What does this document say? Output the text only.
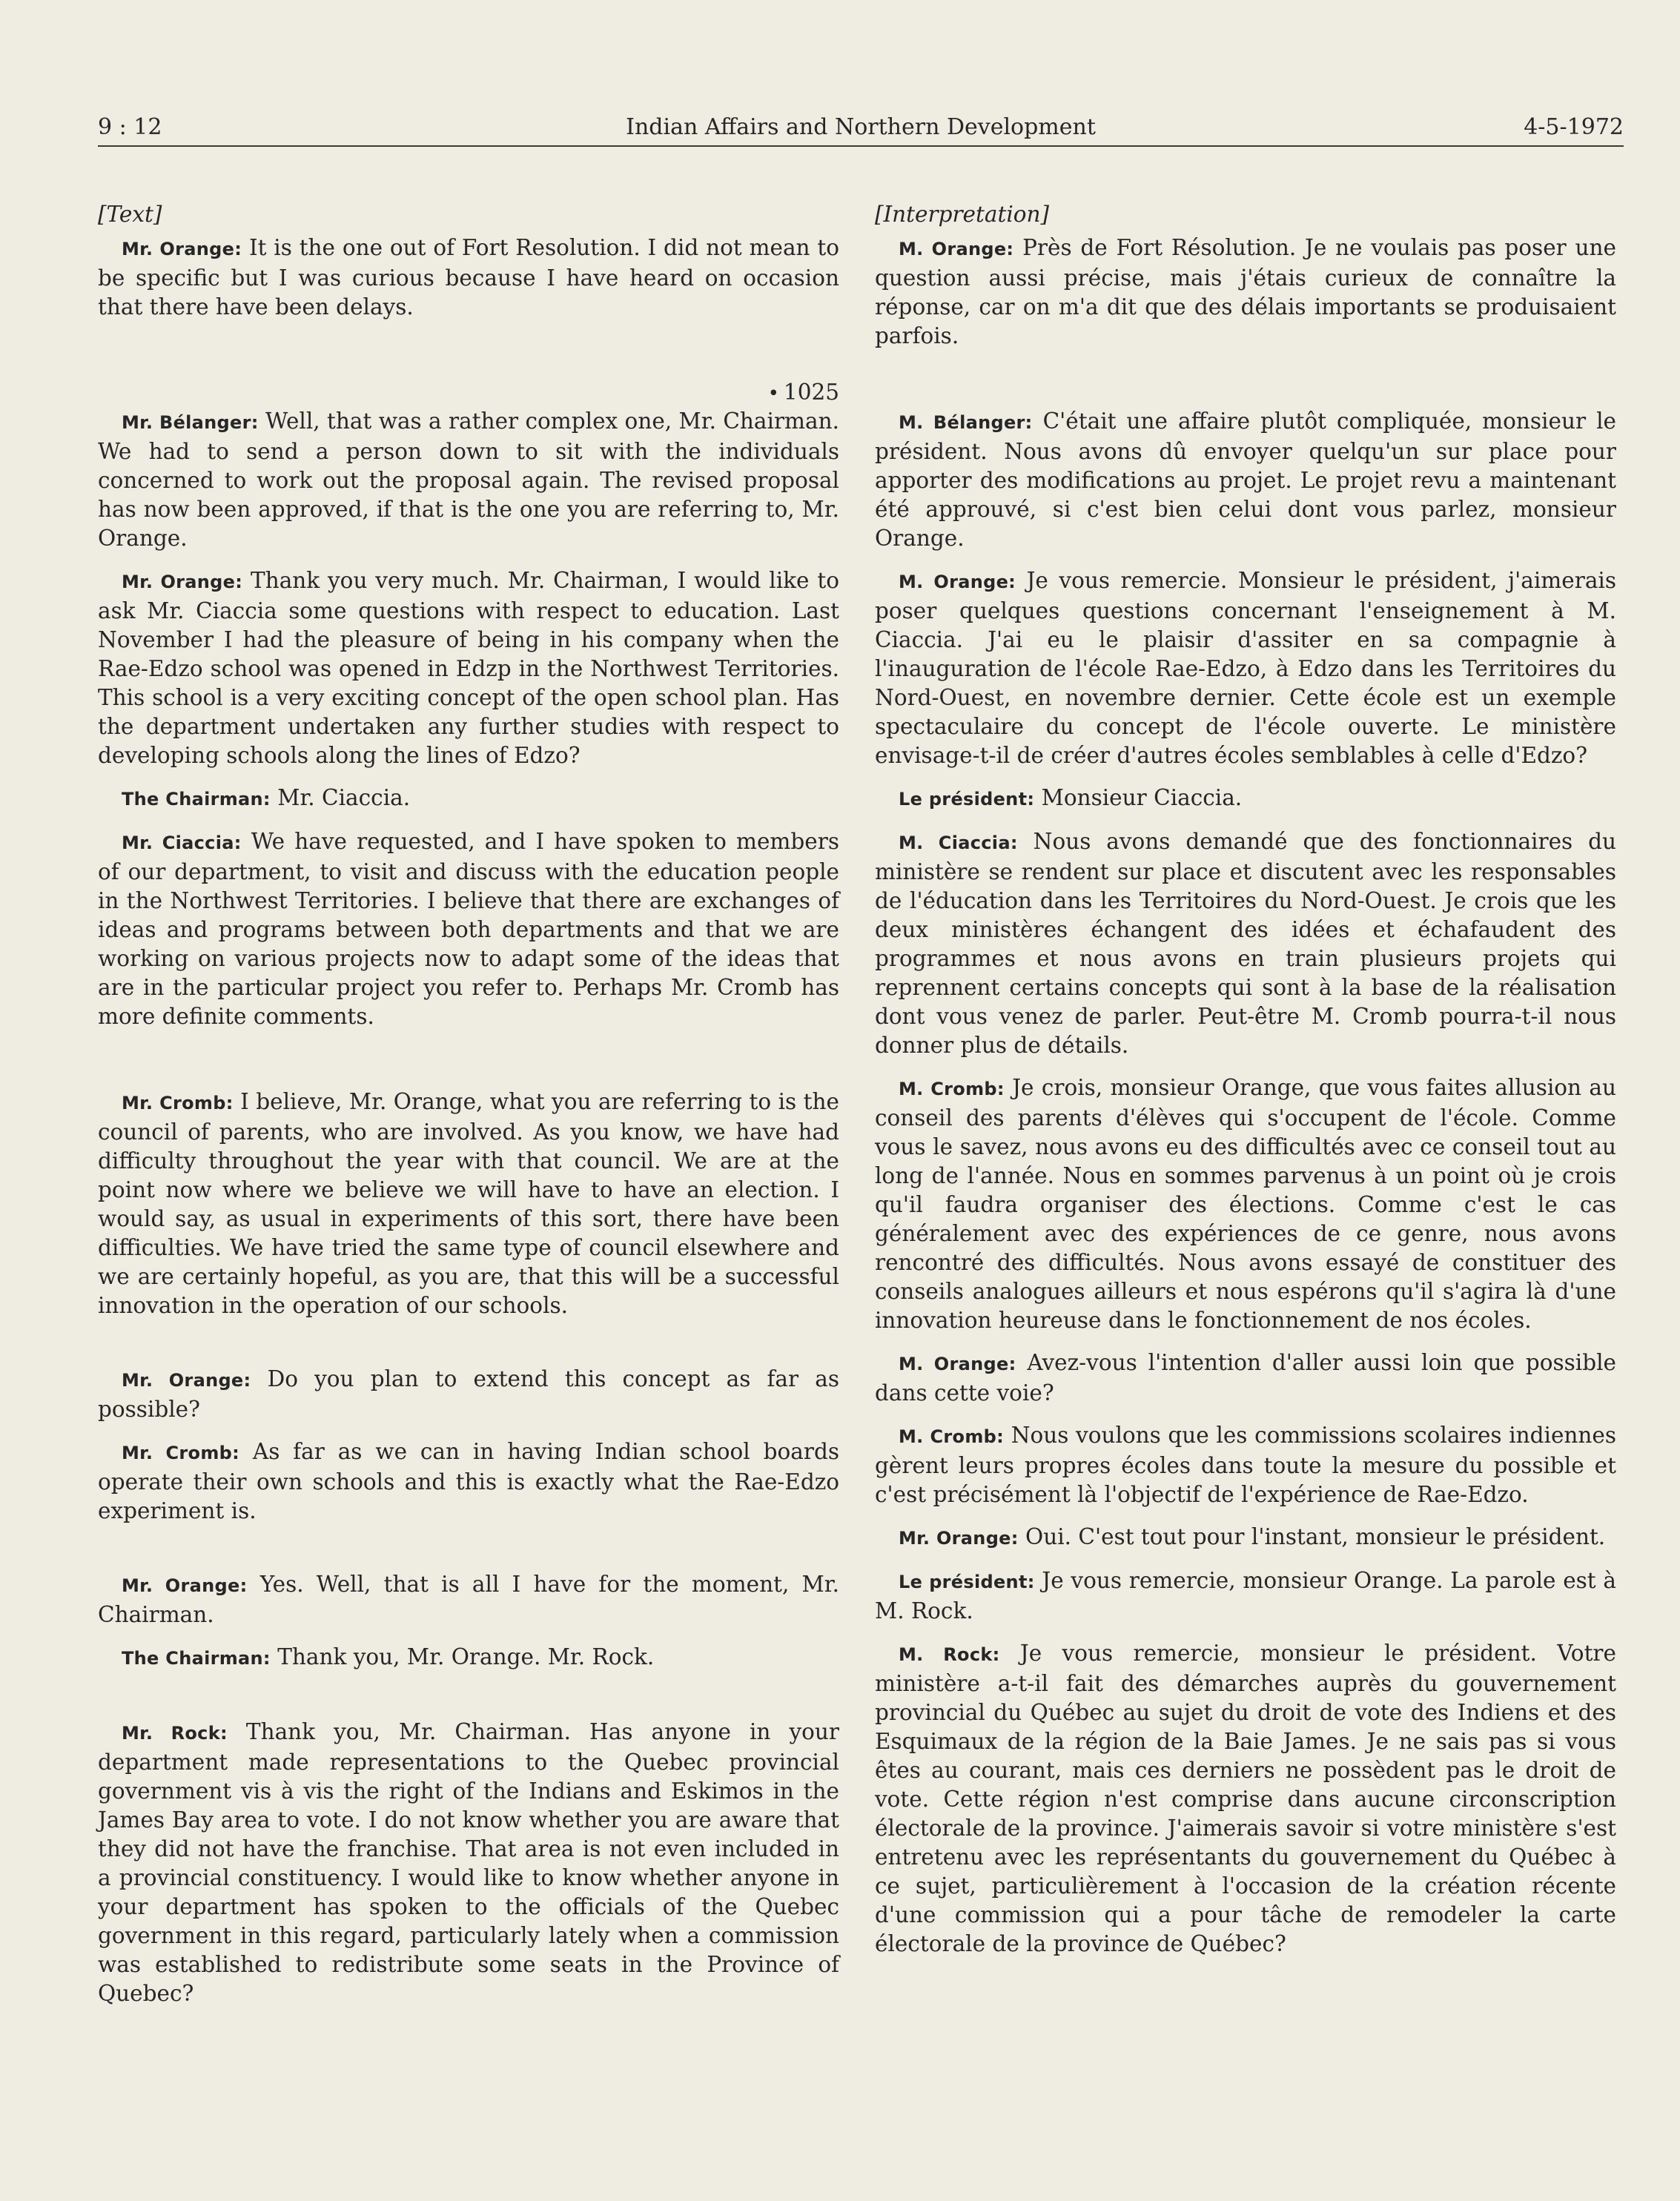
9 : 12	Indian Affairs and Northern Development	4-5-1972

[Text]

Mr. Orange: It is the one out of Fort Resolution. I did not mean to be specific but I was curious because I have heard on occasion that there have been delays.

• 1025

Mr. Bélanger: Well, that was a rather complex one, Mr. Chairman. We had to send a person down to sit with the individuals concerned to work out the proposal again. The revised proposal has now been approved, if that is the one you are referring to, Mr. Orange.

Mr. Orange: Thank you very much. Mr. Chairman, I would like to ask Mr. Ciaccia some questions with respect to education. Last November I had the pleasure of being in his company when the Rae-Edzo school was opened in Edzp in the Northwest Territories. This school is a very exciting concept of the open school plan. Has the department undertaken any further studies with respect to developing schools along the lines of Edzo?

The Chairman: Mr. Ciaccia.

Mr. Ciaccia: We have requested, and I have spoken to members of our department, to visit and discuss with the education people in the Northwest Territories. I believe that there are exchanges of ideas and programs between both departments and that we are working on various projects now to adapt some of the ideas that are in the particular project you refer to. Perhaps Mr. Cromb has more definite comments.

Mr. Cromb: I believe, Mr. Orange, what you are referring to is the council of parents, who are involved. As you know, we have had difficulty throughout the year with that council. We are at the point now where we believe we will have to have an election. I would say, as usual in experiments of this sort, there have been difficulties. We have tried the same type of council elsewhere and we are certainly hopeful, as you are, that this will be a successful innovation in the operation of our schools.

Mr. Orange: Do you plan to extend this concept as far as possible?

Mr. Cromb: As far as we can in having Indian school boards operate their own schools and this is exactly what the Rae-Edzo experiment is.

Mr. Orange: Yes. Well, that is all I have for the moment, Mr. Chairman.

The Chairman: Thank you, Mr. Orange. Mr. Rock.

Mr. Rock: Thank you, Mr. Chairman. Has anyone in your department made representations to the Quebec provincial government vis à vis the right of the Indians and Eskimos in the James Bay area to vote. I do not know whether you are aware that they did not have the franchise. That area is not even included in a provincial constituency. I would like to know whether anyone in your department has spoken to the officials of the Quebec government in this regard, particularly lately when a commission was established to redistribute some seats in the Province of Quebec?

[Interpretation]

M. Orange: Près de Fort Résolution. Je ne voulais pas poser une question aussi précise, mais j'étais curieux de connaître la réponse, car on m'a dit que des délais importants se produisaient parfois.

M. Bélanger: C'était une affaire plutôt compliquée, monsieur le président. Nous avons dû envoyer quelqu'un sur place pour apporter des modifications au projet. Le projet revu a maintenant été approuvé, si c'est bien celui dont vous parlez, monsieur Orange.

M. Orange: Je vous remercie. Monsieur le président, j'aimerais poser quelques questions concernant l'enseignement à M. Ciaccia. J'ai eu le plaisir d'assiter en sa compagnie à l'inauguration de l'école Rae-Edzo, à Edzo dans les Territoires du Nord-Ouest, en novembre dernier. Cette école est un exemple spectaculaire du concept de l'école ouverte. Le ministère envisage-t-il de créer d'autres écoles semblables à celle d'Edzo?

Le président: Monsieur Ciaccia.

M. Ciaccia: Nous avons demandé que des fonctionnaires du ministère se rendent sur place et discutent avec les responsables de l'éducation dans les Territoires du Nord-Ouest. Je crois que les deux ministères échangent des idées et échafaudent des programmes et nous avons en train plusieurs projets qui reprennent certains concepts qui sont à la base de la réalisation dont vous venez de parler. Peut-être M. Cromb pourra-t-il nous donner plus de détails.

M. Cromb: Je crois, monsieur Orange, que vous faites allusion au conseil des parents d'élèves qui s'occupent de l'école. Comme vous le savez, nous avons eu des difficultés avec ce conseil tout au long de l'année. Nous en sommes parvenus à un point où je crois qu'il faudra organiser des élections. Comme c'est le cas généralement avec des expériences de ce genre, nous avons rencontré des difficultés. Nous avons essayé de constituer des conseils analogues ailleurs et nous espérons qu'il s'agira là d'une innovation heureuse dans le fonctionnement de nos écoles.

M. Orange: Avez-vous l'intention d'aller aussi loin que possible dans cette voie?

M. Cromb: Nous voulons que les commissions scolaires indiennes gèrent leurs propres écoles dans toute la mesure du possible et c'est précisément là l'objectif de l'expérience de Rae-Edzo.

Mr. Orange: Oui. C'est tout pour l'instant, monsieur le président.

Le président: Je vous remercie, monsieur Orange. La parole est à M. Rock.

M. Rock: Je vous remercie, monsieur le président. Votre ministère a-t-il fait des démarches auprès du gouvernement provincial du Québec au sujet du droit de vote des Indiens et des Esquimaux de la région de la Baie James. Je ne sais pas si vous êtes au courant, mais ces derniers ne possèdent pas le droit de vote. Cette région n'est comprise dans aucune circonscription électorale de la province. J'aimerais savoir si votre ministère s'est entretenu avec les représentants du gouvernement du Québec à ce sujet, particulièrement à l'occasion de la création récente d'une commission qui a pour tâche de remodeler la carte électorale de la province de Québec?
